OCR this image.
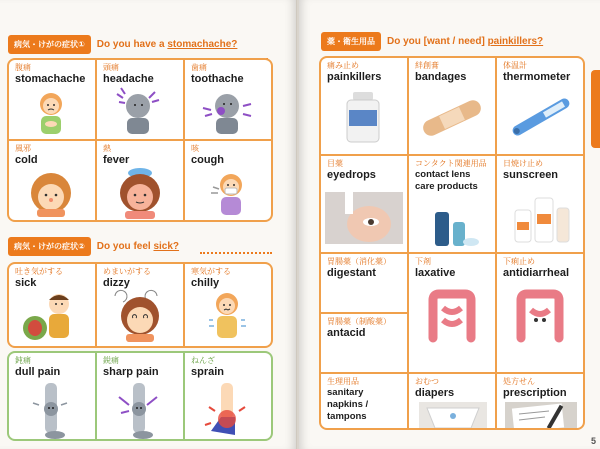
病気・けがの症状①	Do you have a stomachache?
腹痛
stomachache
頭痛
headache
歯痛
toothache
風邪
cold
熱
fever
咳
cough
病気・けがの症状②	Do you feel sick?
吐き気がする
sick
めまいがする
dizzy
寒気がする
chilly
鈍痛
dull pain
鋭痛
sharp pain
ねんざ
sprain
薬・衛生用品	Do you [want / need] painkillers?
痛み止め
painkillers
絆創膏
bandages
体温計
thermometer
目薬
eyedrops
コンタクト関連用品
contact lens care products
日焼け止め
sunscreen
胃腸薬（消化薬）
digestant
下剤
laxative
下痢止め
antidiarrheal
胃腸薬（制酸薬）
antacid
生理用品
sanitary napkins / tampons
おむつ
diapers
処方せん
prescription
5
